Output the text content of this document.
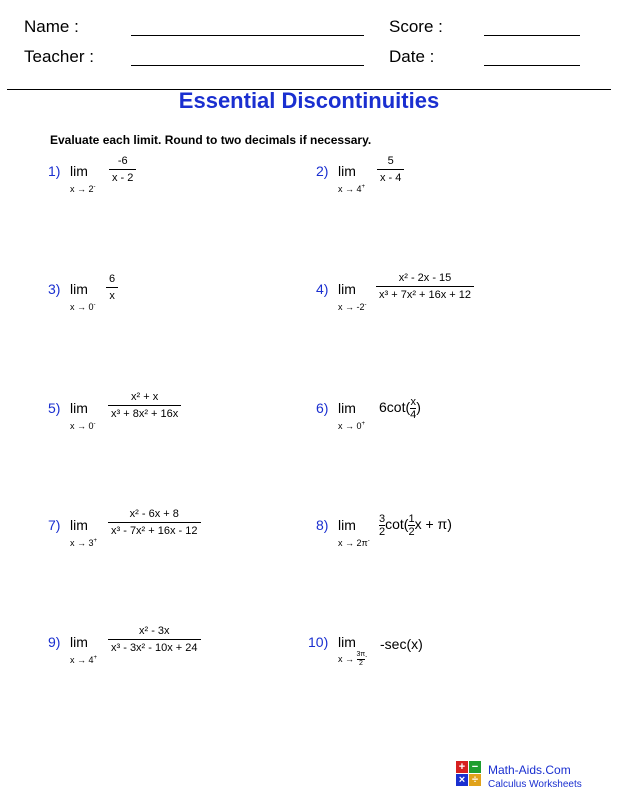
Name :	Score :
Teacher :	Date :
Essential Discontinuities
Evaluate each limit. Round to two decimals if necessary.
1) lim
x → 2-
-6
x - 2	2) lim
x → 4+
5
x - 4
3) lim
x → 0-
6
x	4) lim
x → -2-
x² - 2x - 15
x³ + 7x² + 16x + 12
5) lim
x → 0-
x² + x
x³ + 8x² + 16x	6) lim
x → 0+
$6\cot(\frac{x}{4})$
7) lim
x → 3+
x² - 6x + 8
x³ - 7x² + 16x - 12	8) lim
x → 2π-
$\frac{3}{2}\cot(\frac{1}{2}x + \pi)$
9) lim
x → 4+
x² - 3x
x³ - 3x² - 10x + 24	10) lim
$x \to \frac{3\pi}{2}^-$
-sec(x)
+ −
× ÷
Math-Aids.Com
Calculus Worksheets
